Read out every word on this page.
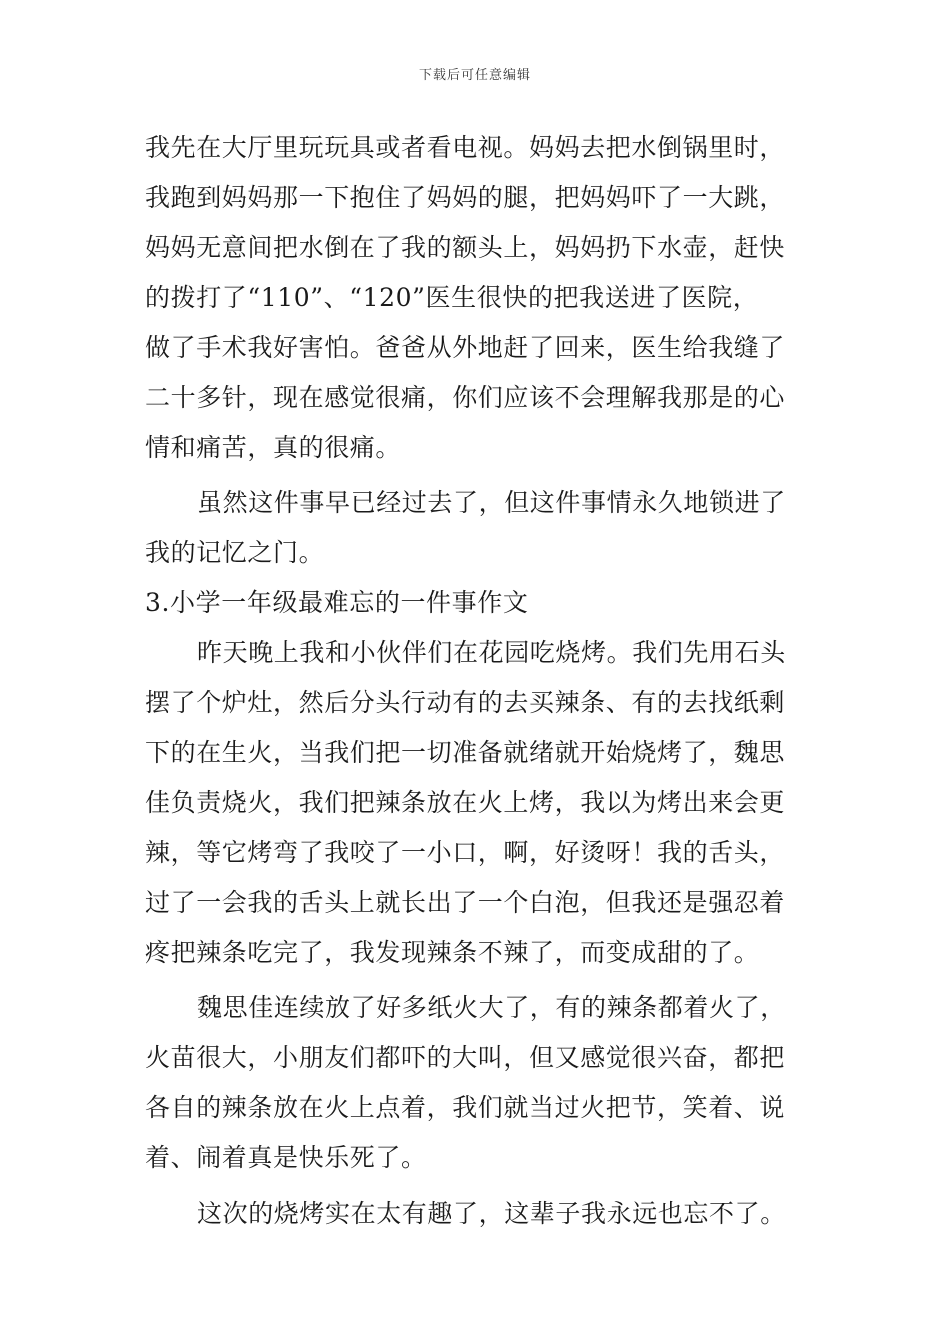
下载后可任意编辑
我先在大厅里玩玩具或者看电视。妈妈去把水倒锅里时，
我跑到妈妈那一下抱住了妈妈的腿，把妈妈吓了一大跳，
妈妈无意间把水倒在了我的额头上，妈妈扔下水壶，赶快
的拨打了“110”、“120”医生很快的把我送进了医院，
做了手术我好害怕。爸爸从外地赶了回来，医生给我缝了
二十多针，现在感觉很痛，你们应该不会理解我那是的心
情和痛苦，真的很痛。
虽然这件事早已经过去了，但这件事情永久地锁进了
我的记忆之门。
3.小学一年级最难忘的一件事作文
昨天晚上我和小伙伴们在花园吃烧烤。我们先用石头
摆了个炉灶，然后分头行动有的去买辣条、有的去找纸剩
下的在生火，当我们把一切准备就绪就开始烧烤了，魏思
佳负责烧火，我们把辣条放在火上烤，我以为烤出来会更
辣，等它烤弯了我咬了一小口，啊，好烫呀！我的舌头，
过了一会我的舌头上就长出了一个白泡，但我还是强忍着
疼把辣条吃完了，我发现辣条不辣了，而变成甜的了。
魏思佳连续放了好多纸火大了，有的辣条都着火了，
火苗很大，小朋友们都吓的大叫，但又感觉很兴奋，都把
各自的辣条放在火上点着，我们就当过火把节，笑着、说
着、闹着真是快乐死了。
这次的烧烤实在太有趣了，这辈子我永远也忘不了。
